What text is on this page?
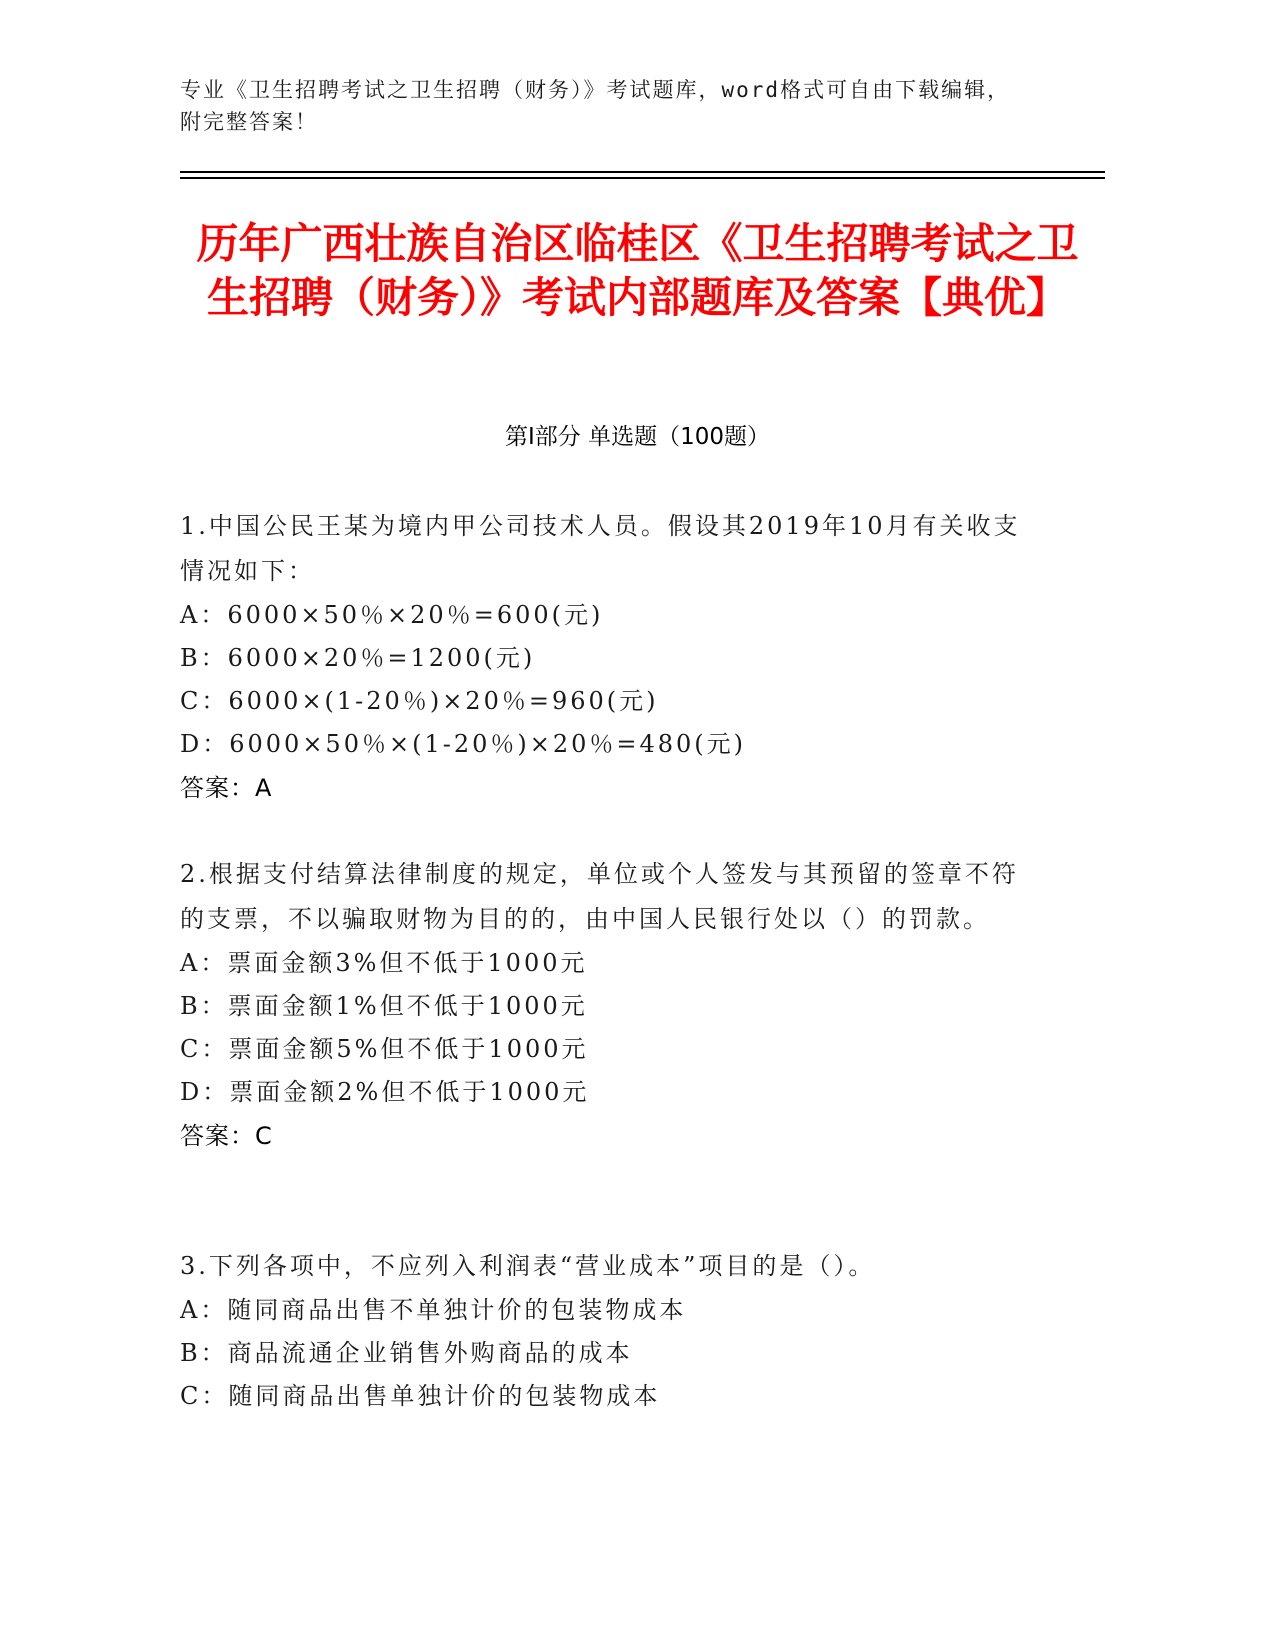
专业《卫生招聘考试之卫生招聘（财务）》考试题库，word格式可自由下载编辑，附完整答案！
历年广西壮族自治区临桂区《卫生招聘考试之卫生招聘（财务）》考试内部题库及答案【典优】
第Ⅰ部分 单选题（100题）
1.中国公民王某为境内甲公司技术人员。假设其2019年10月有关收支情况如下：
A：6000×50％×20％=600(元)
B：6000×20％=1200(元)
C：6000×(1-20％)×20％=960(元)
D：6000×50％×(1-20％)×20％=480(元)
答案：A
2.根据支付结算法律制度的规定，单位或个人签发与其预留的签章不符的支票，不以骗取财物为目的的，由中国人民银行处以（）的罚款。
A：票面金额3%但不低于1000元
B：票面金额1%但不低于1000元
C：票面金额5%但不低于1000元
D：票面金额2%但不低于1000元
答案：C
3.下列各项中，不应列入利润表“营业成本”项目的是（）。
A：随同商品出售不单独计价的包装物成本
B：商品流通企业销售外购商品的成本
C：随同商品出售单独计价的包装物成本
